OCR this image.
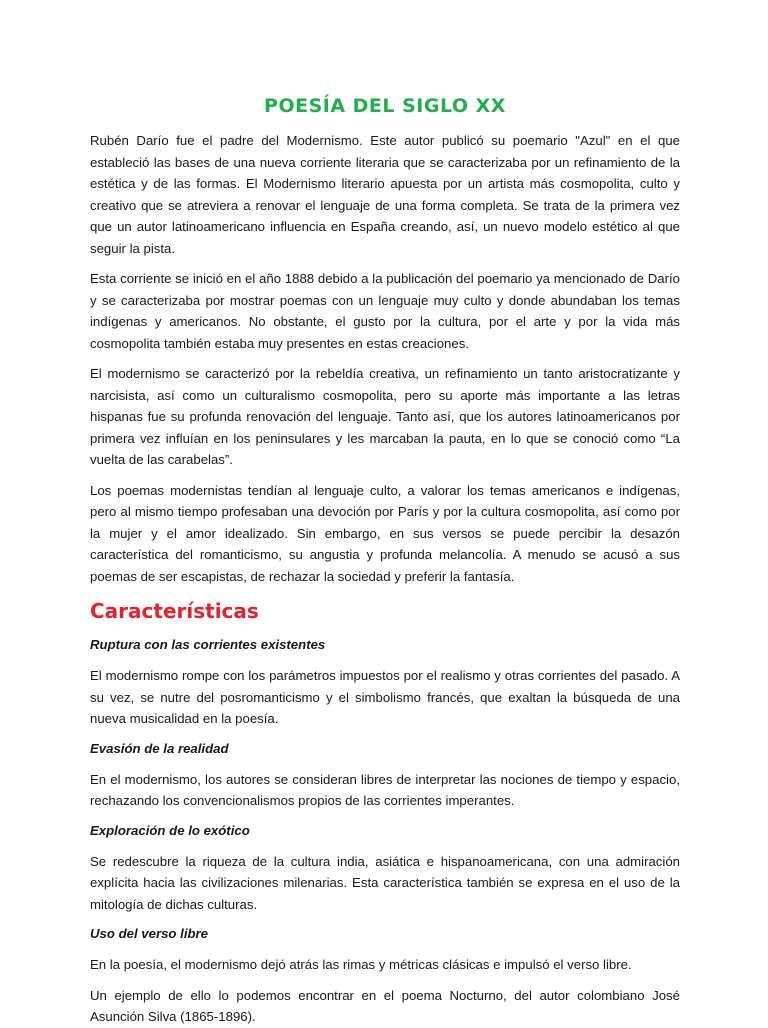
POESÍA DEL SIGLO XX

Rubén Darío fue el padre del Modernismo. Este autor publicó su poemario "Azul" en el que estableció las bases de una nueva corriente literaria que se caracterizaba por un refinamiento de la estética y de las formas. El Modernismo literario apuesta por un artista más cosmopolita, culto y creativo que se atreviera a renovar el lenguaje de una forma completa. Se trata de la primera vez que un autor latinoamericano influencia en España creando, así, un nuevo modelo estético al que seguir la pista.

Esta corriente se inició en el año 1888 debido a la publicación del poemario ya mencionado de Darío y se caracterizaba por mostrar poemas con un lenguaje muy culto y donde abundaban los temas indígenas y americanos. No obstante, el gusto por la cultura, por el arte y por la vida más cosmopolita también estaba muy presentes en estas creaciones.

El modernismo se caracterizó por la rebeldía creativa, un refinamiento un tanto aristocratizante y narcisista, así como un culturalismo cosmopolita, pero su aporte más importante a las letras hispanas fue su profunda renovación del lenguaje. Tanto así, que los autores latinoamericanos por primera vez influían en los peninsulares y les marcaban la pauta, en lo que se conoció como “La vuelta de las carabelas”.

Los poemas modernistas tendían al lenguaje culto, a valorar los temas americanos e indígenas, pero al mismo tiempo profesaban una devoción por París y por la cultura cosmopolita, así como por la mujer y el amor idealizado. Sin embargo, en sus versos se puede percibir la desazón característica del romanticismo, su angustia y profunda melancolía. A menudo se acusó a sus poemas de ser escapistas, de rechazar la sociedad y preferir la fantasía.

Características
Ruptura con las corrientes existentes

El modernismo rompe con los parámetros impuestos por el realismo y otras corrientes del pasado. A su vez, se nutre del posromanticismo y el simbolismo francés, que exaltan la búsqueda de una nueva musicalidad en la poesía.

Evasión de la realidad

En el modernismo, los autores se consideran libres de interpretar las nociones de tiempo y espacio, rechazando los convencionalismos propios de las corrientes imperantes.

Exploración de lo exótico

Se redescubre la riqueza de la cultura india, asiática e hispanoamericana, con una admiración explícita hacia las civilizaciones milenarias. Esta característica también se expresa en el uso de la mitología de dichas culturas.

Uso del verso libre

En la poesía, el modernismo dejó atrás las rimas y métricas clásicas e impulsó el verso libre.

Un ejemplo de ello lo podemos encontrar en el poema Nocturno, del autor colombiano José Asunción Silva (1865-1896).
